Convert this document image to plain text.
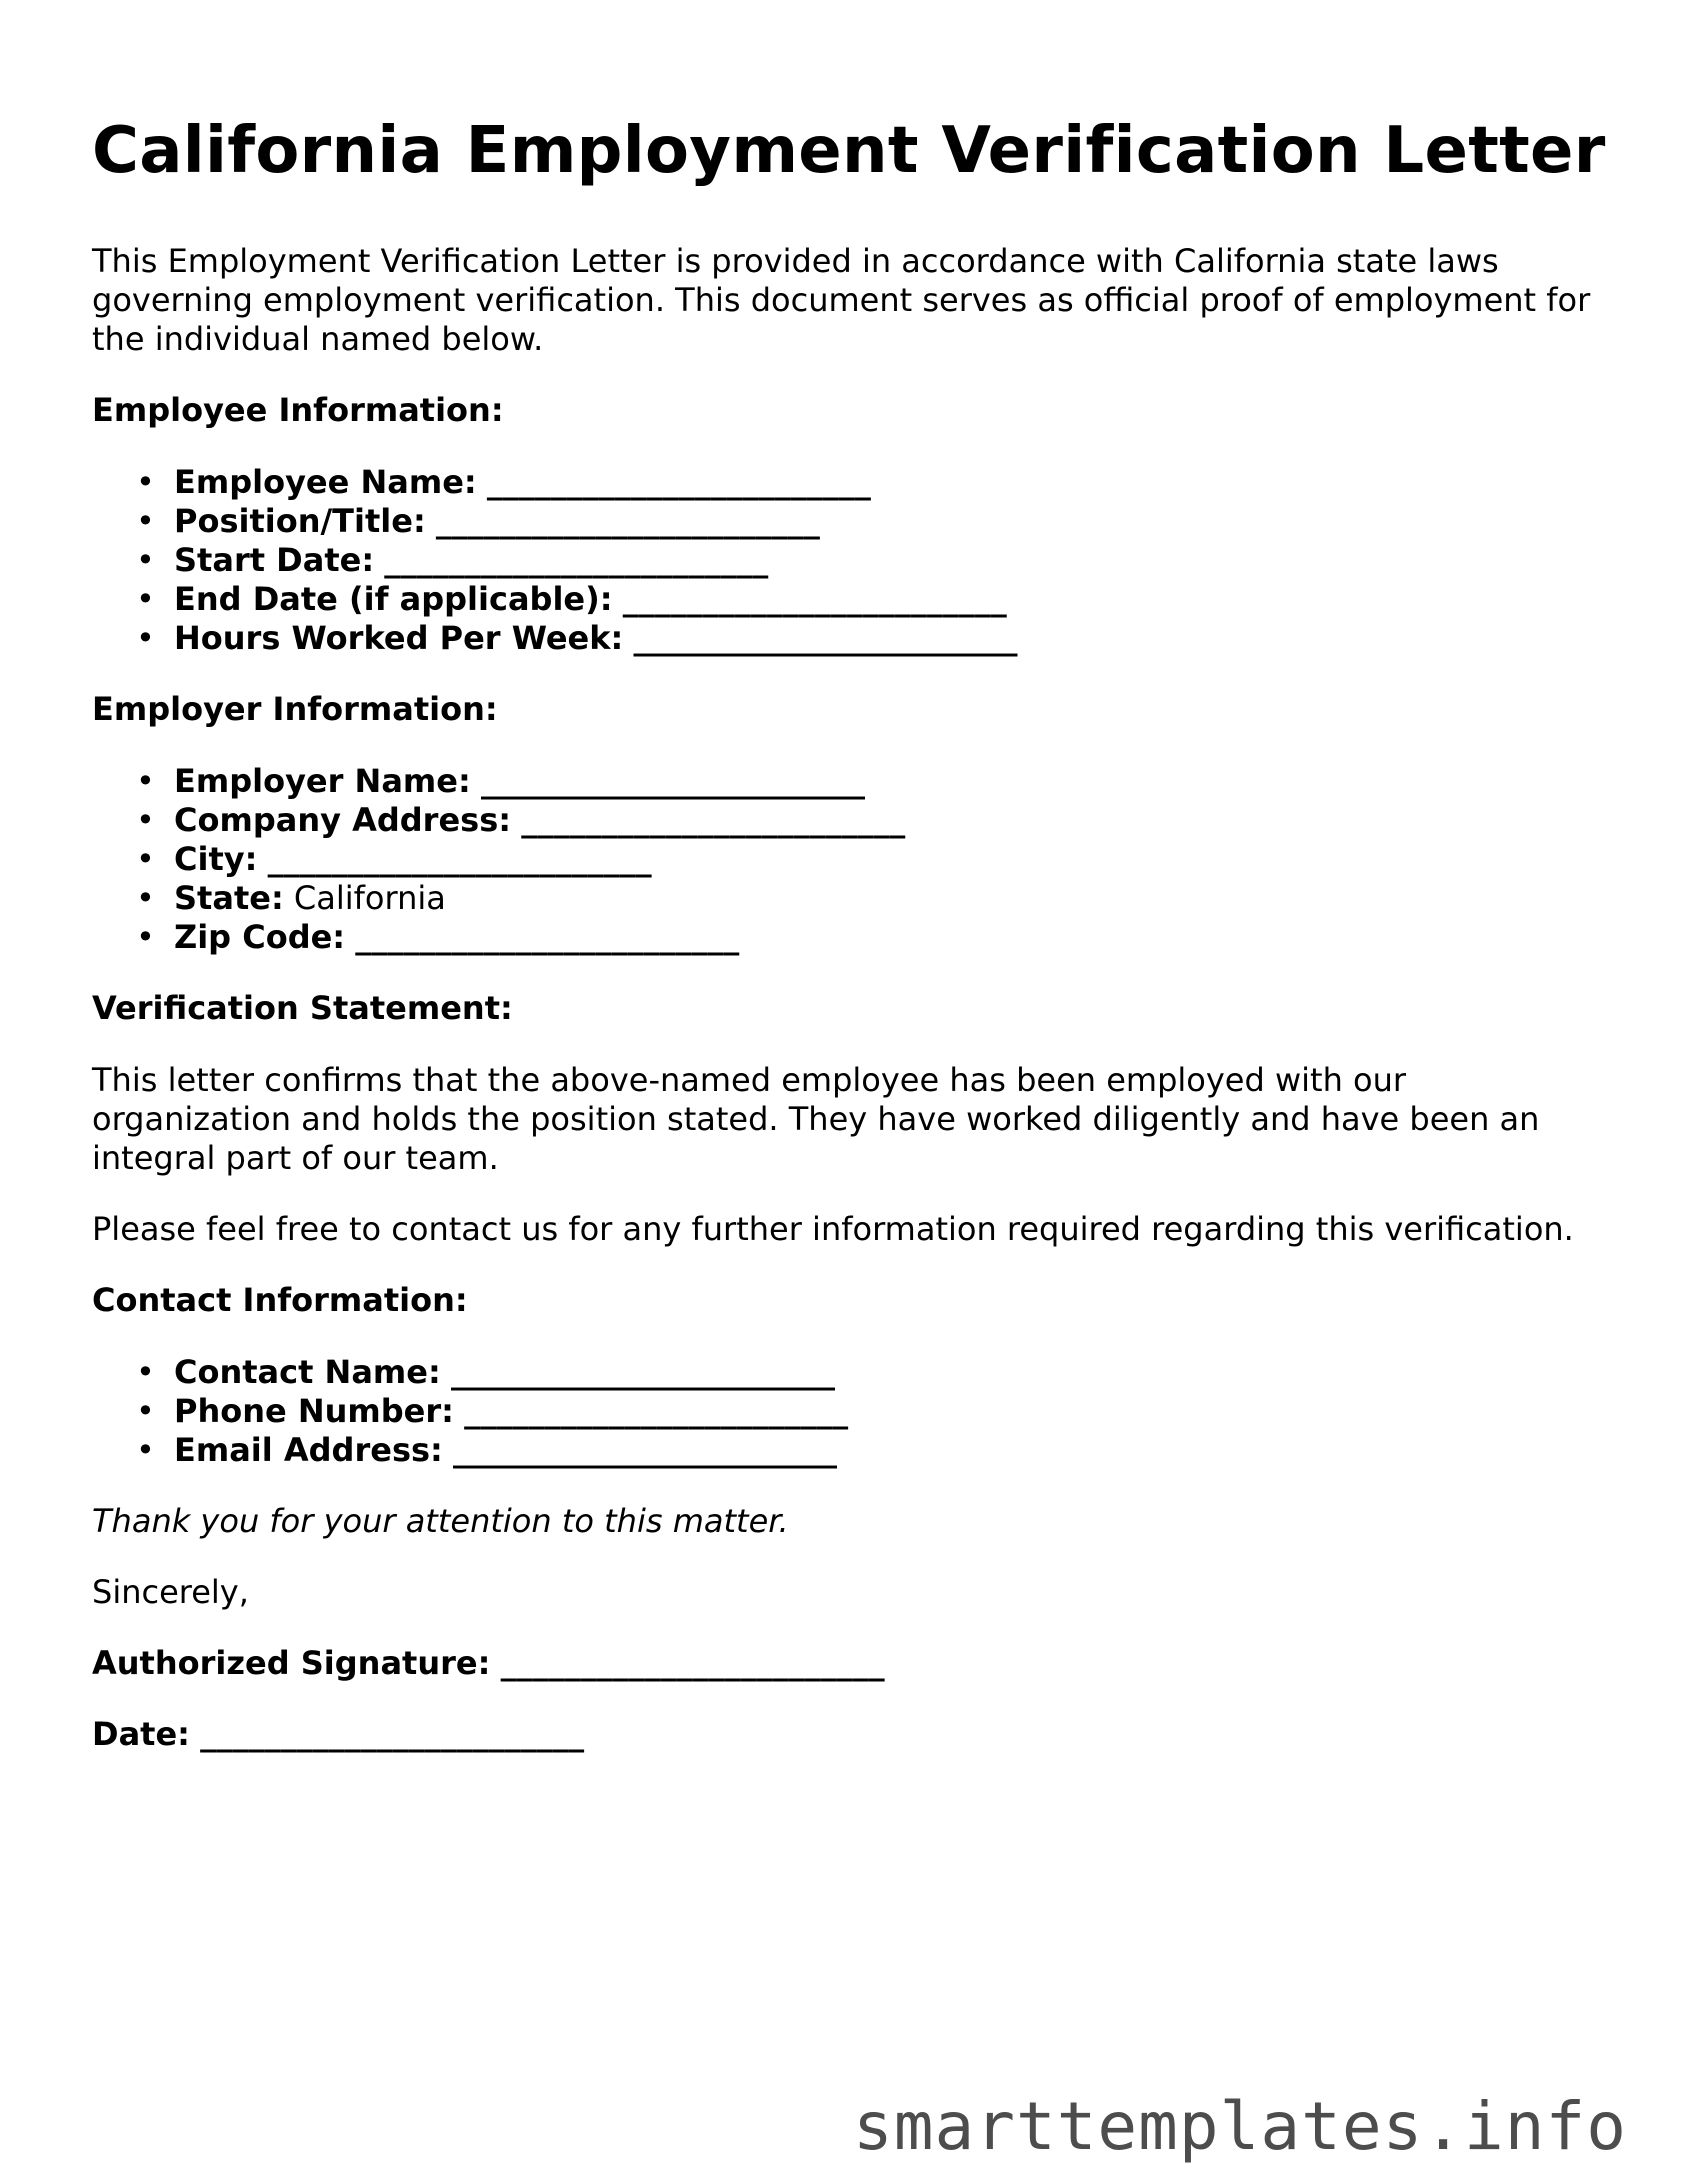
California Employment Verification Letter

This Employment Verification Letter is provided in accordance with California state laws governing employment verification. This document serves as official proof of employment for the individual named below.

Employee Information:

• Employee Name: ________________________
• Position/Title: ________________________
• Start Date: ________________________
• End Date (if applicable): ________________________
• Hours Worked Per Week: ________________________

Employer Information:

• Employer Name: ________________________
• Company Address: ________________________
• City: ________________________
• State: California
• Zip Code: ________________________

Verification Statement:

This letter confirms that the above-named employee has been employed with our organization and holds the position stated. They have worked diligently and have been an integral part of our team.

Please feel free to contact us for any further information required regarding this verification.

Contact Information:

• Contact Name: ________________________
• Phone Number: ________________________
• Email Address: ________________________

Thank you for your attention to this matter.

Sincerely,

Authorized Signature: ________________________

Date: ________________________

smarttemplates.info
